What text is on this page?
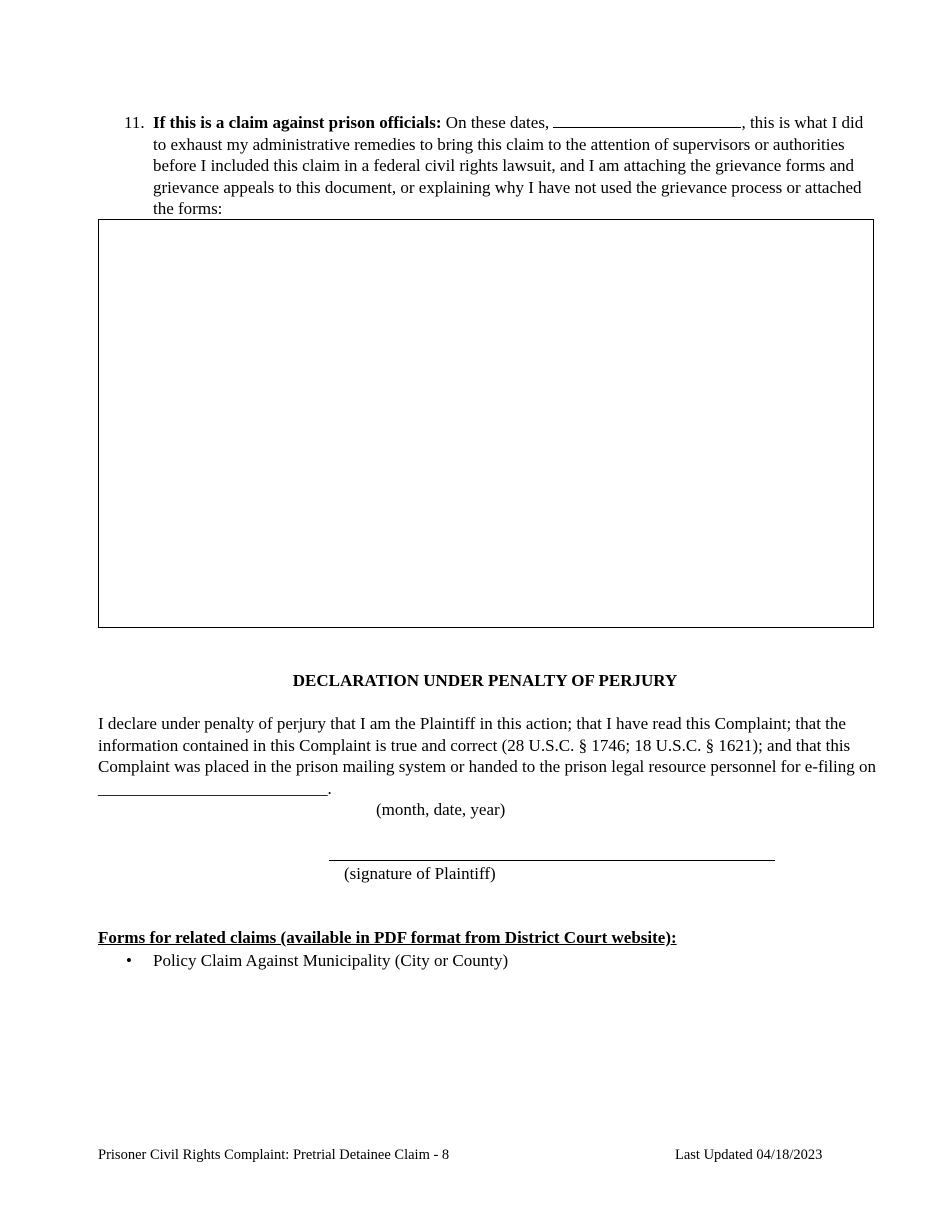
11. If this is a claim against prison officials: On these dates,	, this is what I did to exhaust my administrative remedies to bring this claim to the attention of supervisors or authorities before I included this claim in a federal civil rights lawsuit, and I am attaching the grievance forms and grievance appeals to this document, or explaining why I have not used the grievance process or attached the forms:
DECLARATION UNDER PENALTY OF PERJURY
I declare under penalty of perjury that I am the Plaintiff in this action; that I have read this Complaint; that the information contained in this Complaint is true and correct (28 U.S.C. § 1746; 18 U.S.C. § 1621); and that this Complaint was placed in the prison mailing system or handed to the prison legal resource personnel for e-filing on ___________________________.
(month, date, year)
(signature of Plaintiff)
Forms for related claims (available in PDF format from District Court website):
• Policy Claim Against Municipality (City or County)
Prisoner Civil Rights Complaint: Pretrial Detainee Claim - 8	Last Updated 04/18/2023
